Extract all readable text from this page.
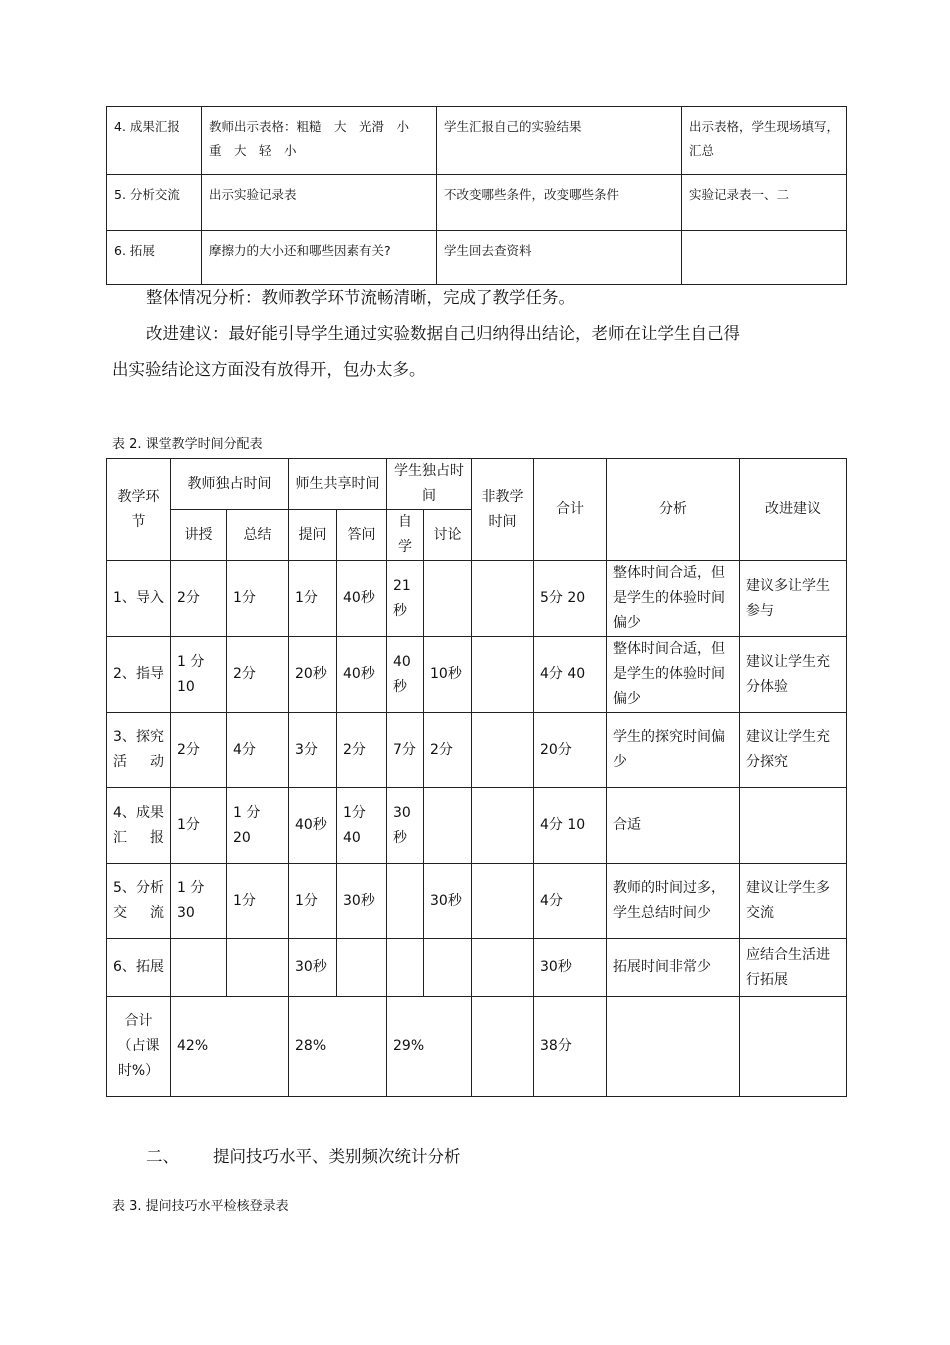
4. 成果汇报	教师出示表格：粗糙　大　光滑　小　重　大　轻　小	学生汇报自己的实验结果	出示表格，学生现场填写，汇总
5. 分析交流	出示实验记录表	不改变哪些条件，改变哪些条件	实验记录表一、二
6. 拓展	摩擦力的大小还和哪些因素有关?	学生回去查资料	
整体情况分析：教师教学环节流畅清晰，完成了教学任务。
改进建议：最好能引导学生通过实验数据自己归纳得出结论，老师在让学生自己得
出实验结论这方面没有放得开，包办太多。
表 2. 课堂教学时间分配表
教学环节	教师独占时间		师生共享时间		学生独占时间		非教学时间	合计	分析	改进建议
	讲授	总结	提问	答问	自学	讨论				
1、导入	2分	1分	1分	40秒	21秒			5分 20	整体时间合适，但是学生的体验时间偏少	建议多让学生参与
2、指导	1 分 10	2分	20秒	40秒	40秒	10秒		4分 40	整体时间合适，但是学生的体验时间偏少	建议让学生充分体验
3、探究活动	2分	4分	3分	2分	7分	2分		20分	学生的探究时间偏少	建议让学生充分探究
4、成果汇报	1分	1 分 20	40秒	1分 40	30秒			4分 10	合适	
5、分析交流	1 分 30	1分	1分	30秒		30秒		4分	教师的时间过多，学生总结时间少	建议让学生多交流
6、拓展			30秒					30秒	拓展时间非常少	应结合生活进行拓展
合计（占课时%）	42%		28%		29%			38分		
二、 提问技巧水平、类别频次统计分析
表 3. 提问技巧水平检核登录表
